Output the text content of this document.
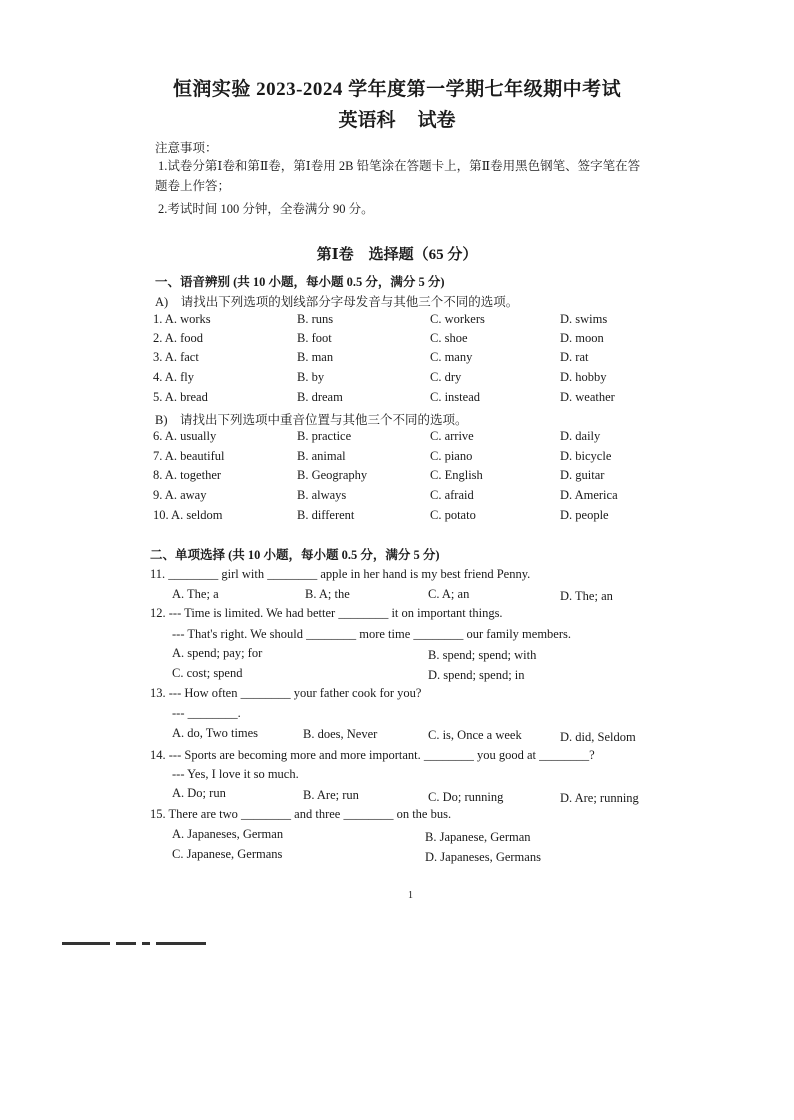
恒润实验 2023-2024 学年度第一学期七年级期中考试
英语科 试卷
注意事项：
1.试卷分第Ⅰ卷和第Ⅱ卷，第Ⅰ卷用 2B 铅笔涂在答题卡上，第Ⅱ卷用黑色钢笔、签字笔在答
题卷上作答；
2.考试时间 100 分钟，全卷满分 90 分。
第Ⅰ卷　选择题（65 分）
一、语音辨别 (共 10 小题，每小题 0.5 分，满分 5 分)
A)　请找出下列选项的划线部分字母发音与其他三个不同的选项。
1. A. works	B. runs	C. workers	D. swims
2. A. food	B. foot	C. shoe	D. moon
3. A. fact	B. man	C. many	D. rat
4. A. fly	B. by	C. dry	D. hobby
5. A. bread	B. dream	C. instead	D. weather
B)　请找出下列选项中重音位置与其他三个不同的选项。
6. A. usually	B. practice	C. arrive	D. daily
7. A. beautiful	B. animal	C. piano	D. bicycle
8. A. together	B. Geography	C. English	D. guitar
9. A. away	B. always	C. afraid	D. America
10. A. seldom	B. different	C. potato	D. people
二、单项选择 (共 10 小题，每小题 0.5 分，满分 5 分)
11. ________ girl with ________ apple in her hand is my best friend Penny.
A. The; a	B. A; the	C. A; an	D. The; an
12. --- Time is limited. We had better ________ it on important things.
--- That's right. We should ________ more time ________ our family members.
A. spend; pay; for	B. spend; spend; with
C. cost; spend	D. spend; spend; in
13. --- How often ________ your father cook for you?
--- ________.
A. do, Two times	B. does, Never	C. is, Once a week	D. did, Seldom
14. --- Sports are becoming more and more important. ________ you good at ________?
--- Yes, I love it so much.
A. Do; run	B. Are; run	C. Do; running	D. Are; running
15. There are two ________ and three ________ on the bus.
A. Japaneses, German	B. Japanese, German
C. Japanese, Germans	D. Japaneses, Germans
1
